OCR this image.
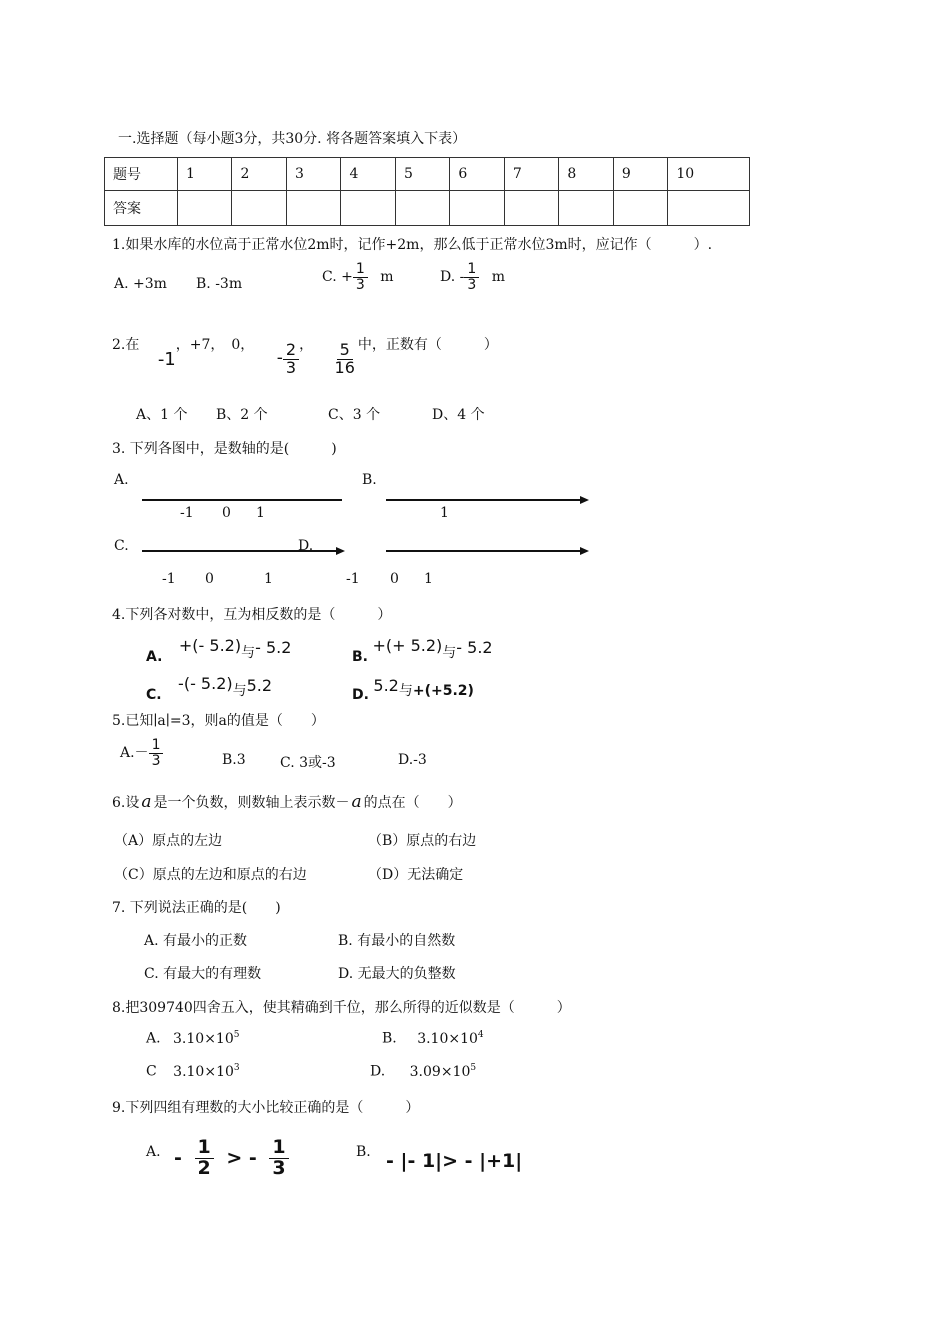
一.选择题（每小题3分，共30分. 将各题答案填入下表）
题号	1	2	3	4	5	6	7	8	9	10
答案										
1.如果水库的水位高于正常水位2m时，记作+2m，那么低于正常水位3m时，应记作（　　　）.
A. +3m B. -3m	C. + $\frac{1}{3}$ m	D. - $\frac{1}{3}$ m
2.在 -1，+7，　0， - $\frac{2}{3}$ ， $\frac{5}{16}$ 中，正数有（　　　）
A、1 个 B、2 个	C、3 个	D、4 个
3. 下列各图中，是数轴的是(　　　)
A.
-1 0 1
B.
1
C.	D.
-1 0	1	-1 0 1
4.下列各对数中，互为相反数的是（　　　）
A. +(- 5.2)与- 5.2	B. +(+ 5.2)与- 5.2
C. -(- 5.2)与5.2	D. 5.2与+(+5.2)
5.已知∣a∣=3，则a的值是（　　）
$A.- \frac{1}{3}$	B.3 C. 3或-3	D.-3
6.设 a 是一个负数，则数轴上表示数－ a 的点在（　　）
（A）原点的左边	（B）原点的右边
（C）原点的左边和原点的右边	（D）无法确定
7. 下列说法正确的是(　　)
A. 有最小的正数	B. 有最小的自然数
C. 有最大的有理数	D. 无最大的负整数
8.把309740四舍五入，使其精确到千位，那么所得的近似数是（　　　）
A. $3.10\times 10^5$	B. $3.10\times 10^4$
C $3.10\times 10^3$	D. $3.09\times 10^5$
9.下列四组有理数的大小比较正确的是（　　　）
A. - $\frac{1}{2}$ > - $\frac{1}{3}$	B. - |- 1|> - |+1|
